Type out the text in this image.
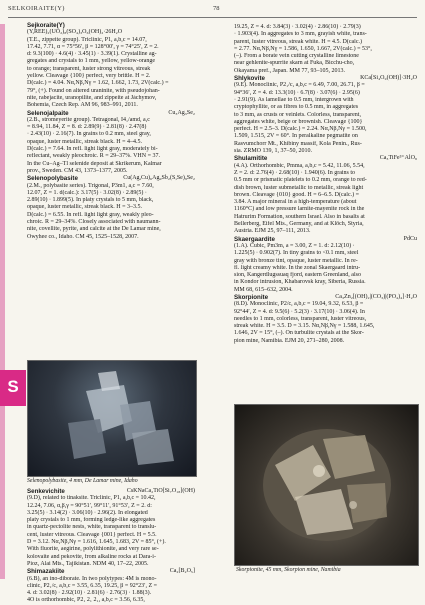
SELKOIRAITE(Y)	78
S
Sejkoraite(Y)
(Y,REE)₂(UO₂)₈(SO₄)₃O₆(OH)₂·26H₂O
(T.E., zippeite group). Triclinic, P1, a,b,c = 14.07,
17.42, 7.71, α = 75°56′, β = 128°00′, γ = 74°25′, Z = 2.
d: 9.3(100) · 4.6(4) · 3.45(1) · 3.39(1). Crystalline ag-
gregates and crystals to 1 mm, yellow, yellow-orange
to orange; transparent, luster strong vitreous, streak
yellow. Cleavage {100} perfect, very brittle. H = 2.
D(calc.) = 4.04. Nα,Nβ,Nγ = 1.62, 1.662, 1.73, 2V(calc.) =
79°, (+). Found on altered uraninite, with pseudojohan-
nite, rabejacite, uranopilite, and zippeite at Jáchymov,
Bohemia, Czech Rep. AM 96, 983–991, 2011.
Selenojalpaite	Cu₃Ag₃Se₂
(2.B., stromeyerite group). Tetragonal, I4₁/amd, a,c
= 8.94, 11.84, Z = 8. d: 2.89(9) · 2.81(8) · 2.47(8)
· 2.43(10) · 2.16(7). In grains to 0.2 mm, steel gray,
opaque, luster metallic, streak black. H = 4–4.5.
D(calc.) = 7.64. In refl. light light gray, moderately bi-
reflectant, weakly pleochroic. R = 29–37%. VHN = 37.
In the Cu–Ag–Tl selenide deposit at Skrikerum, Kalmar
prov., Sweden. CM 43, 1373–1377, 2005.
Selenopolybasite	Cu(Ag,Cu)₆Ag₉Sb₂(S,Se)₉Se₂
(2.M., polybasite series). Trigonal, P3m1, a,c = 7.60,
12.07, Z = 1. d(calc.): 3.17(5) · 3.02(8) · 2.89(5) ·
2.89(10) · 1.899(5). In platy crystals to 5 mm, black,
opaque, luster metallic, streak black. H = 3–3.5.
D(calc.) = 6.55. In refl. light light gray, weakly pleo-
chroic. R = 29–34%. Closely associated with naumann-
nite, covellite, pyrite, and calcite at the De Lamar mine,
Owyhee co., Idaho. CM 45, 1525–1528, 2007.
Selenopolybasite, 4 mm, De Lamar mine, Idaho
Senkevichite	CsKNaCa₂TiO[Si₇O₁₈](OH)
(9.D), related to tinaksite. Triclinic, P1, a,b,c = 10.42,
12.24, 7.06, α,β,γ = 90°51′, 99°11′, 91°53′, Z = 2. d:
3.25(5) · 3.14(2) · 3.06(10) · 2.96(2). In elongated
platy crystals to 1 mm, forming ledge-like aggregates
in quartz-pectolite nests, white, transparent to translu-
cent, luster vitreous. Cleavage {001} perfect. H = 5.5.
D = 3.12. Nα,Nβ,Nγ = 1.616, 1.645, 1.683, 2V = 85°, (+).
With fluorite, aegirine, polylithionite, and very rare se-
kolovaite and pekovite, from alkaline rocks at Dara-i-
Pioz, Alai Mts., Tajikistan. NDM 40, 17–22, 2005.
Shimazakiite	Ca₂[B₂O₅]
(6.B), an ino-diborate. In two polytypes: 4M is mono-
clinic, P2₁/c, a,b,c = 3.55, 6.35, 19.25, β = 92°23′, Z =
4. d: 3.02(8) · 2.92(10) · 2.81(6) · 2.76(3) · 1.88(3).
4O is orthorhombic, P2₁ 2₁ 2₁, a,b,c = 3.56, 6.35,
19.25, Z = 4. d: 3.84(3) · 3.02(4) · 2.86(10) · 2.79(3)
· 1.903(4). In aggregates to 3 mm, grayish white, trans-
parent, luster vitreous, streak white. H = 4.5. D(calc.)
= 2.77. Nα,Nβ,Nγ = 1.586, 1.650, 1.667, 2V(calc.) = 53°,
(–). From a borate vein cutting crystalline limestone
near gehlenite-spurrite skarn at Fuka, Bicchu-cho,
Okayama pref., Japan. MM 77, 93–105, 2013.
Shlykovite	KCa[Si₄O₉(OH)]·3H₂O
(9.E). Monoclinic, P2₁/c, a,b,c = 6.49, 7.00, 26.71, β =
94°36′, Z = 4. d: 13.3(10) · 6.7(8) · 3.07(6) · 2.95(6)
· 2.91(9). As lamellae to 0.5 mm, intergrown with
cryptophyllite, or as fibres to 0.5 mm, in aggregates
to 3 mm, as crusts or veinlets. Colorless, transparent,
aggregates white, beige or brownish. Cleavage {100}
perfect. H = 2.5–3. D(calc.) = 2.24. Nα,Nβ,Nγ = 1.500,
1.509, 1.515, 2V = 60°. In peralkaline pegmatite on
Rasvumchorr Mt., Khibiny massif, Kola Penin., Rus-
sia. ZRMO 139, 1, 37–50, 2010.
Shulamitite	Ca₃TiFe³⁺AlO₈
(4.A). Orthorhombic, Pmma, a,b,c = 5.42, 11.06, 5.54,
Z = 2. d: 2.76(4) · 2.68(10) · 1.940(6). In grains to
0.5 mm or prismatic platelets to 0.2 mm, orange to red-
dish brown, luster submetallic to metallic, streak light
brown. Cleavage {010} good. H = 6–6.5. D(calc.) =
3.84. A major mineral in a high-temperature (about
1160°C) and low pressure larnite-mayenite rock in the
Hatrurim Formation, southern Israel. Also in basalts at
Bellerberg, Eifel Mts., Germany, and at Klöch, Styria,
Austria. EJM 25, 97–111, 2013.
Skaergaardite	PdCu
(1.A). Cubic, Pm3m, a = 3.00, Z = 1. d: 2.12(10) ·
1.225(5) · 0.902(7). In tiny grains to <0.1 mm, steel
gray with bronze tint, opaque, luster metallic. In re-
fl. light creamy white. In the zonal Skaergaard intru-
sion, Kangerdlugssuaq fjord, eastern Greenland, also
in Kondor intrusion, Khabarovsk kray, Siberia, Russia.
MM 68, 615–632, 2004.
Skorpionite	Ca₃Zn₂[(OH)₂|(CO₃)|(PO₄)₄]·H₂O
(8.D). Monoclinic, P2/c, a,b,c = 19.04, 9.32, 6.53, β =
92°44′, Z = 4. d: 9.5(6) · 5.2(3) · 3.17(10) · 3.06(4). In
needles to 1 mm, colorless, transparent, luster vitreous,
streak white. H = 3.5. D = 3.15. Nα,Nβ,Nγ = 1.588, 1.645,
1.646, 2V = 15°, (–). On turbulite crystals at the Skor-
pion mine, Namibia. EJM 20, 271–280, 2008.
Skorpionite, 45 mm, Skorpion mine, Namibia
